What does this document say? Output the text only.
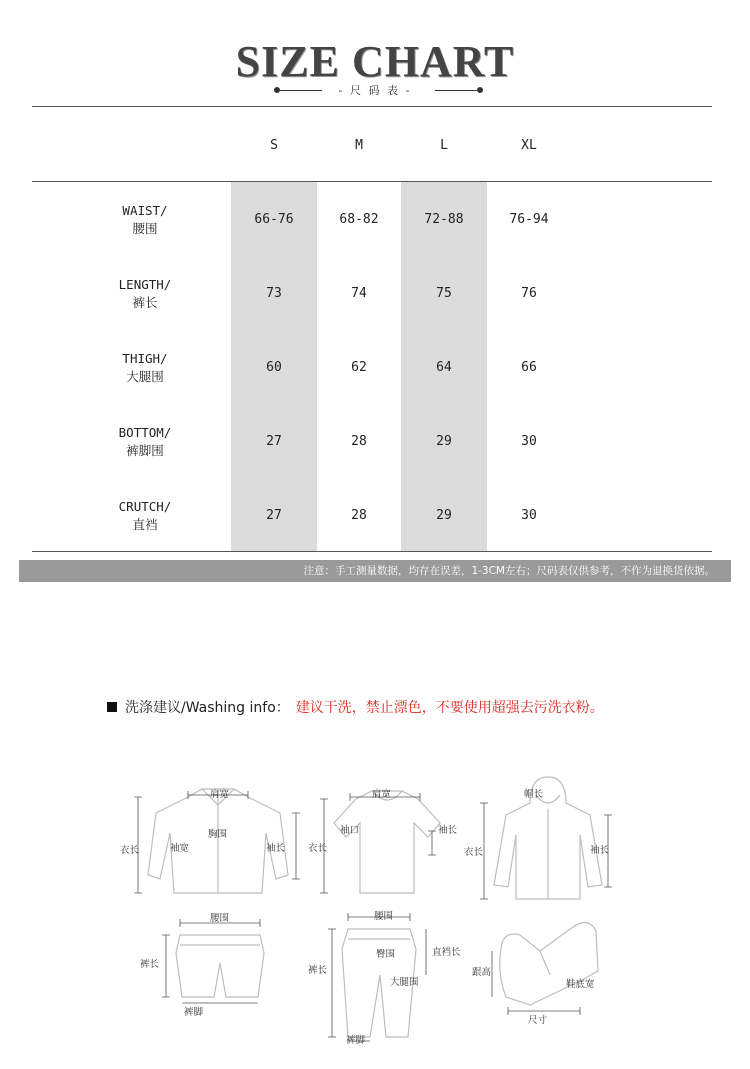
SIZE CHART
- 尺 码 表 -
S	M	L	XL
WAIST/
腰围
66-76	68-82	72-88	76-94
LENGTH/
裤长
73	74	75	76
THIGH/
大腿围
60	62	64	66
BOTTOM/
裤脚围
27	28	29	30
CRUTCH/
直裆
27	28	29	30
注意：手工测量数据，均存在误差，1-3CM左右；尺码表仅供参考，不作为退换货依据。
洗涤建议/Washing info： 建议干洗，禁止漂色，不要使用超强去污洗衣粉。
肩宽
胸围
衣长	袖宽	袖长
肩宽
袖口
衣长
袖长
帽长
衣长	袖长
腰围
裤长
裤脚
腰围
臀围	直裆长
裤长
大腿围
裤脚
跟高
鞋底宽
尺寸
